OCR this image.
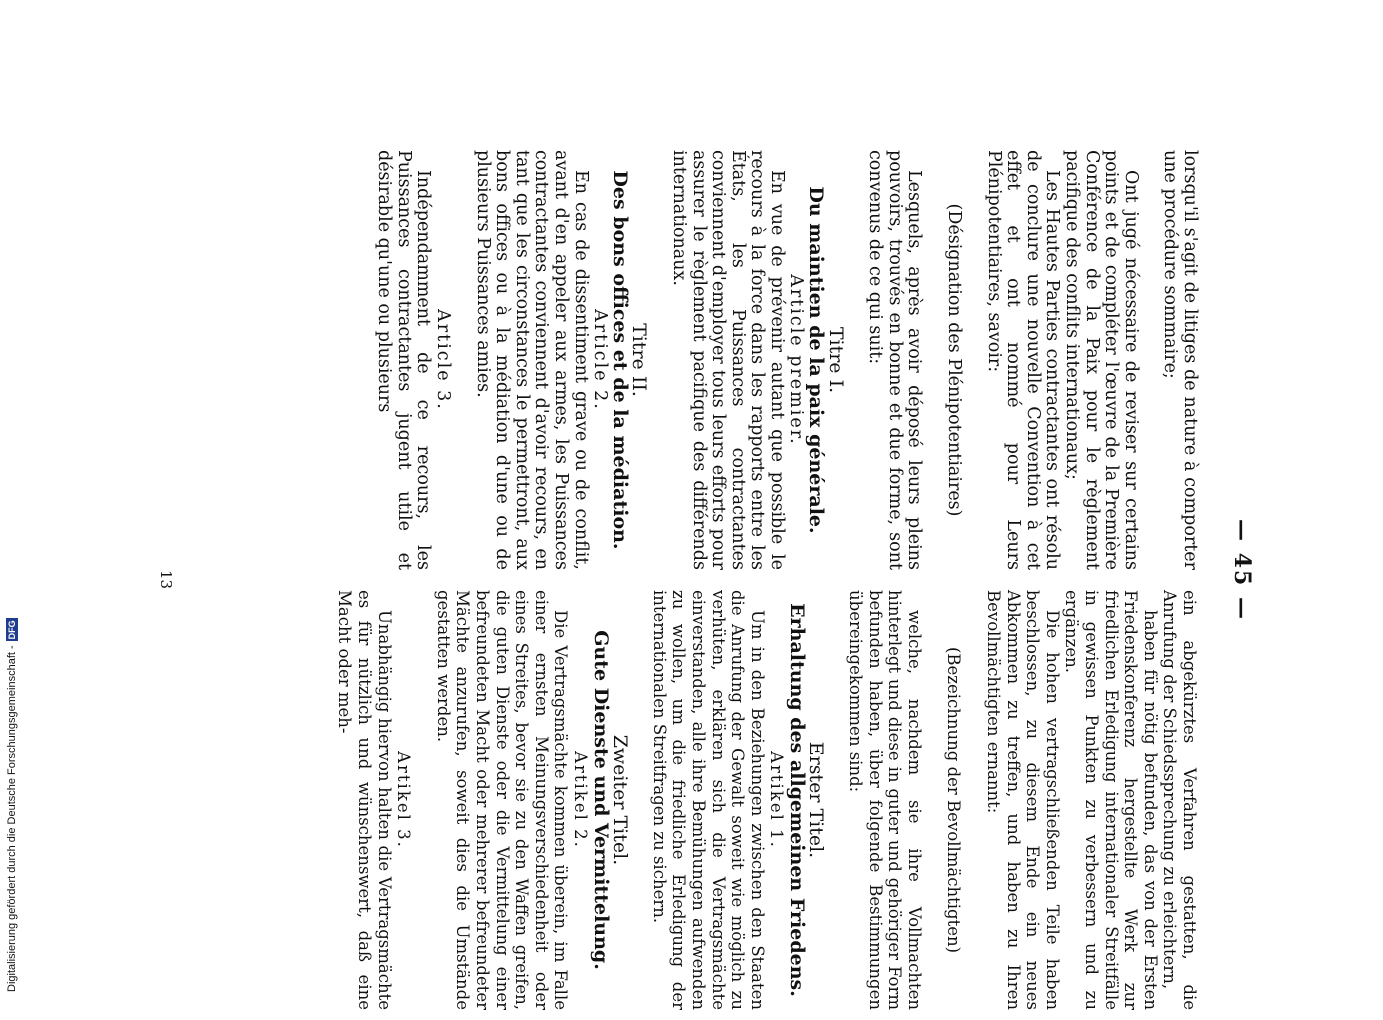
— 45 —

lorsqu'il s'agit de litiges de nature à comporter une procédure sommaire;

Ont jugé nécessaire de reviser sur certains points et de compléter l'œuvre de la Première Conférence de la Paix pour le règlement pacifique des conflits internationaux;

Les Hautes Parties contractantes ont résolu de conclure une nouvelle Convention à cet effet et ont nommé pour Leurs Plénipotentiaires, savoir:

(Désignation des Plénipotentiaires)

Lesquels, après avoir déposé leurs pleins pouvoirs, trouvés en bonne et due forme, sont convenus de ce qui suit:

Titre I.

Du maintien de la paix générale.

Article premier.

En vue de prévenir autant que possible le recours à la force dans les rapports entre les États, les Puissances contractantes conviennent d'employer tous leurs efforts pour assurer le règlement pacifique des différends internationaux.

Titre II.

Des bons offices et de la médiation.

Article 2.

En cas de dissentiment grave ou de conflit, avant d'en appeler aux armes, les Puissances contractantes conviennent d'avoir recours, en tant que les circonstances le permettront, aux bons offices ou à la médiation d'une ou de plusieurs Puissances amies.

Article 3.

Indépendamment de ce recours, les Puissances contractantes jugent utile et désirable qu'une ou plusieurs

ein abgekürztes Verfahren gestatten, die Anrufung der Schiedssprechung zu erleichtern,

haben für nötig befunden, das von der Ersten Friedenskonferenz hergestellte Werk zur friedlichen Erledigung internationaler Streitfälle in gewissen Punkten zu verbessern und zu ergänzen.

Die hohen vertragschließenden Teile haben beschlossen, zu diesem Ende ein neues Abkommen zu treffen, und haben zu Ihren Bevollmächtigten ernannt:

(Bezeichnung der Bevollmächtigten)

welche, nachdem sie ihre Vollmachten hinterlegt und diese in guter und gehöriger Form befunden haben, über folgende Bestimmungen übereingekommen sind:

Erster Titel.

Erhaltung des allgemeinen Friedens.

Artikel 1.

Um in den Beziehungen zwischen den Staaten die Anrufung der Gewalt soweit wie möglich zu verhüten, erklären sich die Vertragsmächte einverstanden, alle ihre Bemühungen aufwenden zu wollen, um die friedliche Erledigung der internationalen Streitfragen zu sichern.

Zweiter Titel.

Gute Dienste und Vermittelung.

Artikel 2.

Die Vertragsmächte kommen überein, im Falle einer ernsten Meinungsverschiedenheit oder eines Streites, bevor sie zu den Waffen greifen, die guten Dienste oder die Vermittelung einer befreundeten Macht oder mehrerer befreundeter Mächte anzurufen, soweit dies die Umstände gestatten werden.

Artikel 3.

Unabhängig hiervon halten die Vertragsmächte es für nützlich und wünschenswert, daß eine Macht oder meh-

13
Digitalisierung gefördert durch die Deutsche Forschungsgemeinschaft -DFG
